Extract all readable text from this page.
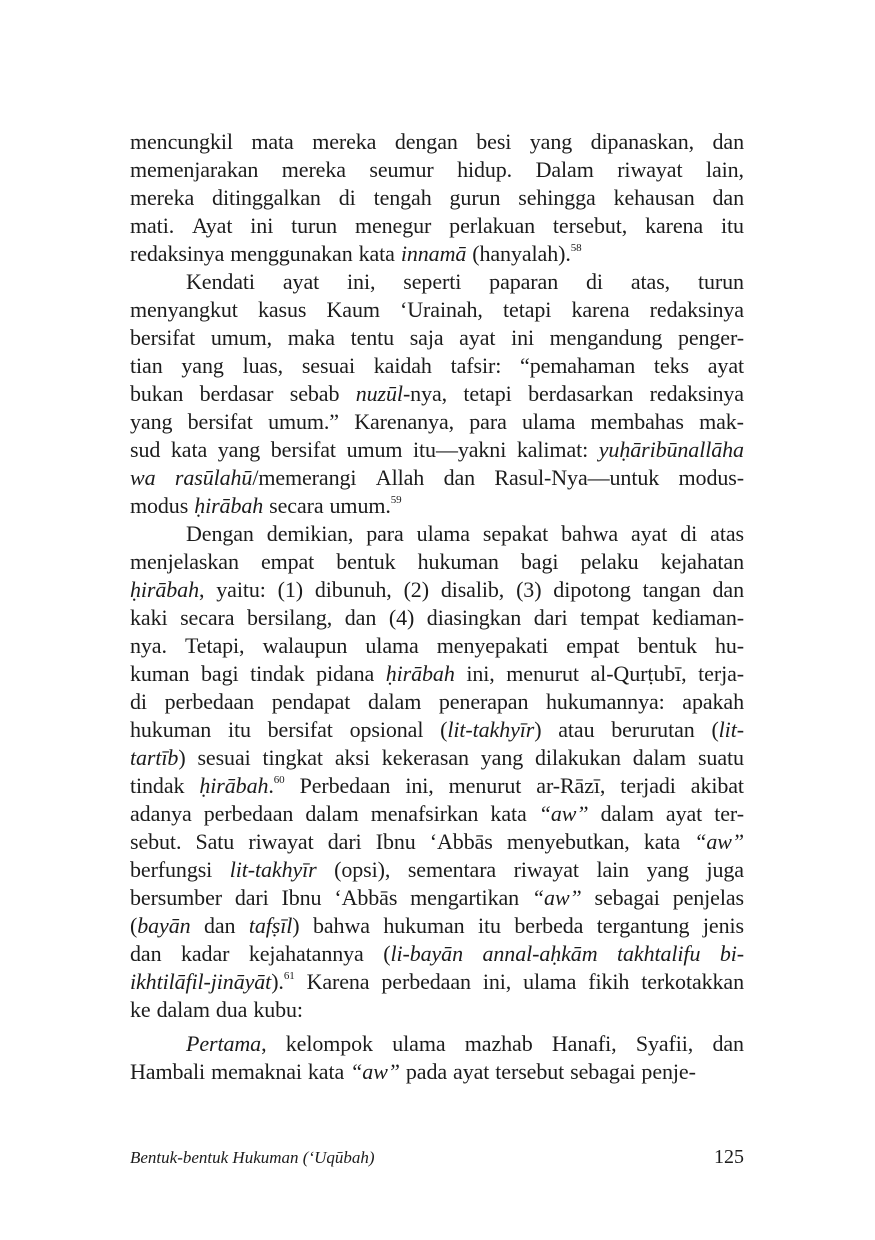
mencungkil mata mereka dengan besi yang dipanaskan, dan
memenjarakan mereka seumur hidup. Dalam riwayat lain,
mereka ditinggalkan di tengah gurun sehingga kehausan dan
mati. Ayat ini turun menegur perlakuan tersebut, karena itu
redaksinya menggunakan kata innamā (hanyalah).$^{58}$
Kendati ayat ini, seperti paparan di atas, turun
menyangkut kasus Kaum ‘Urainah, tetapi karena redaksinya
bersifat umum, maka tentu saja ayat ini mengandung penger-
tian yang luas, sesuai kaidah tafsir: “pemahaman teks ayat
bukan berdasar sebab nuzūl-nya, tetapi berdasarkan redaksinya
yang bersifat umum.” Karenanya, para ulama membahas mak-
sud kata yang bersifat umum itu—yakni kalimat: yuḥāribūnallāha
wa rasūlahū/memerangi Allah dan Rasul-Nya—untuk modus-
modus ḥirābah secara umum.$^{59}$
Dengan demikian, para ulama sepakat bahwa ayat di atas
menjelaskan empat bentuk hukuman bagi pelaku kejahatan
ḥirābah, yaitu: (1) dibunuh, (2) disalib, (3) dipotong tangan dan
kaki secara bersilang, dan (4) diasingkan dari tempat kediaman-
nya. Tetapi, walaupun ulama menyepakati empat bentuk hu-
kuman bagi tindak pidana ḥirābah ini, menurut al-Qurṭubī, terja-
di perbedaan pendapat dalam penerapan hukumannya: apakah
hukuman itu bersifat opsional (lit-takhyīr) atau berurutan (lit-
tartīb) sesuai tingkat aksi kekerasan yang dilakukan dalam suatu
tindak ḥirābah.$^{60}$ Perbedaan ini, menurut ar-Rāzī, terjadi akibat
adanya perbedaan dalam menafsirkan kata “aw” dalam ayat ter-
sebut. Satu riwayat dari Ibnu ‘Abbās menyebutkan, kata “aw”
berfungsi lit-takhyīr (opsi), sementara riwayat lain yang juga
bersumber dari Ibnu ‘Abbās mengartikan “aw” sebagai penjelas
(bayān dan tafṣīl) bahwa hukuman itu berbeda tergantung jenis
dan kadar kejahatannya (li-bayān annal-aḥkām takhtalifu bi-
ikhtilāfil-jināyāt).$^{61}$ Karena perbedaan ini, ulama fikih terkotakkan
ke dalam dua kubu:
Pertama, kelompok ulama mazhab Hanafi, Syafii, dan
Hambali memaknai kata “aw” pada ayat tersebut sebagai penje-
Bentuk-bentuk Hukuman (‘Uqūbah)	125
